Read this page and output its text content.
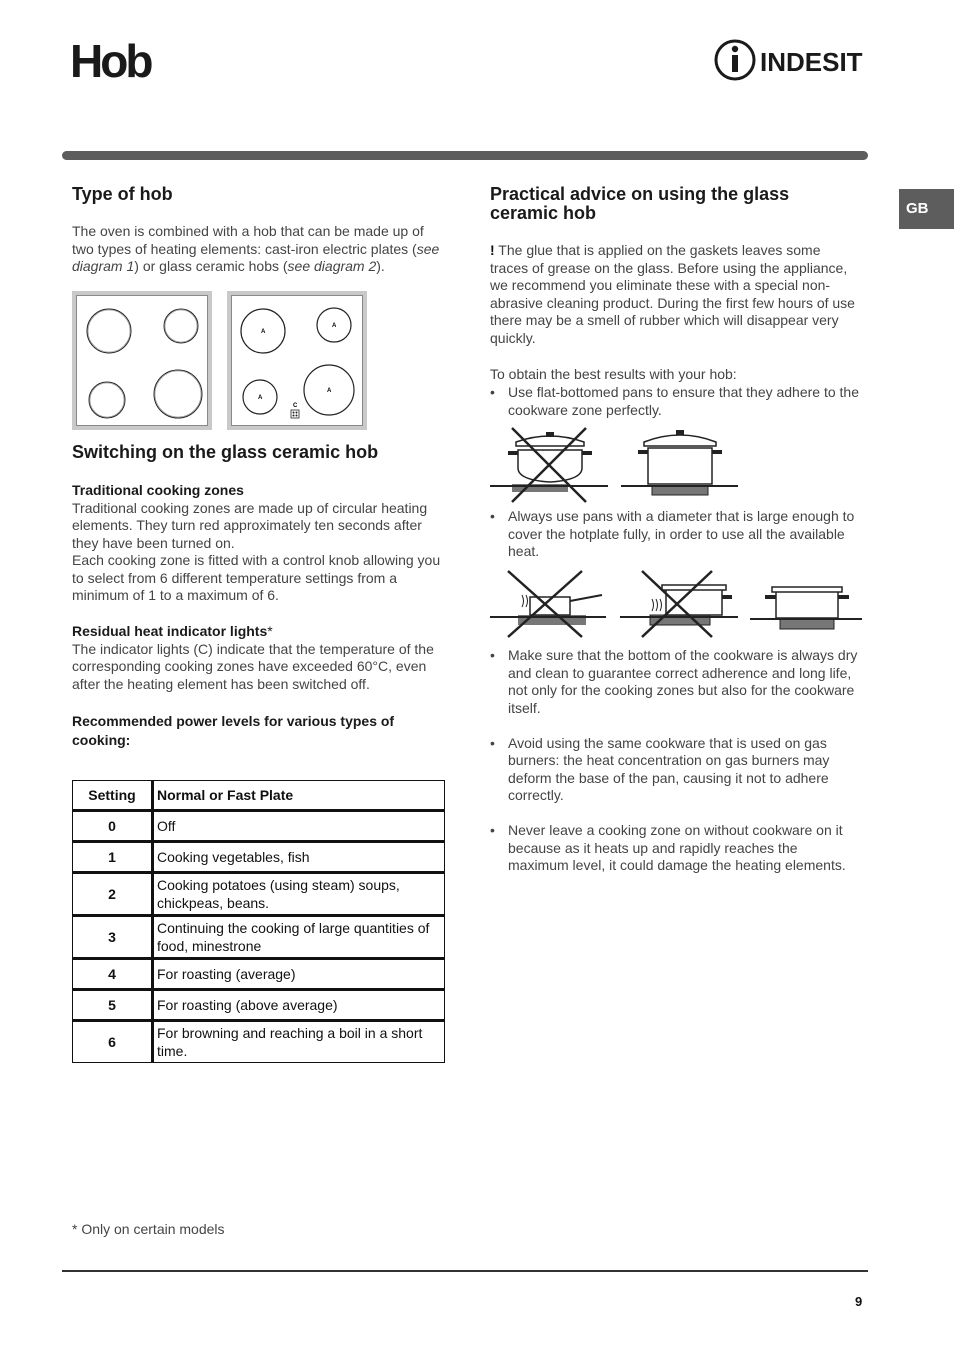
Hob	INDESIT
GB
Type of hob

The oven is combined with a hob that can be made up of two types of heating elements: cast-iron electric plates (see diagram 1) or glass ceramic hobs (see diagram 2).

A
A
A
A
C
Switching on the glass ceramic hob
Traditional cooking zones
Traditional cooking zones are made up of circular heating elements. They turn red approximately ten seconds after they have been turned on.
Each cooking zone is fitted with a control knob allowing you to select from 6 different temperature settings from a minimum of 1 to a maximum of 6.
Residual heat indicator lights*
The indicator lights (C) indicate that the temperature of the corresponding cooking zones have exceeded 60°C, even after the heating element has been switched off.
Recommended power levels for various types of cooking:
Setting	Normal or Fast Plate
0	Off
1	Cooking vegetables, fish
2	Cooking potatoes (using steam) soups, chickpeas, beans.
3	Continuing the cooking of large quantities of food, minestrone
4	For roasting (average)
5	For roasting (above average)
6	For browning and reaching a boil in a short time.
Practical advice on using the glass ceramic hob

! The glue that is applied on the gaskets leaves some traces of grease on the glass. Before using the appliance, we recommend you eliminate these with a special non-abrasive cleaning product. During the first few hours of use there may be a smell of rubber which will disappear very quickly.

To obtain the best results with your hob:

• Use flat-bottomed pans to ensure that they adhere to the cookware zone perfectly.
• Always use pans with a diameter that is large enough to cover the hotplate fully, in order to use all the available heat.
• Make sure that the bottom of the cookware is always dry and clean to guarantee correct adherence and long life, not only for the cooking zones but also for the cookware itself.
• Avoid using the same cookware that is used on gas burners: the heat concentration on gas burners may deform the base of the pan, causing it not to adhere correctly.
• Never leave a cooking zone on without cookware on it because as it heats up and rapidly reaches the maximum level, it could damage the heating elements.
* Only on certain models
9
